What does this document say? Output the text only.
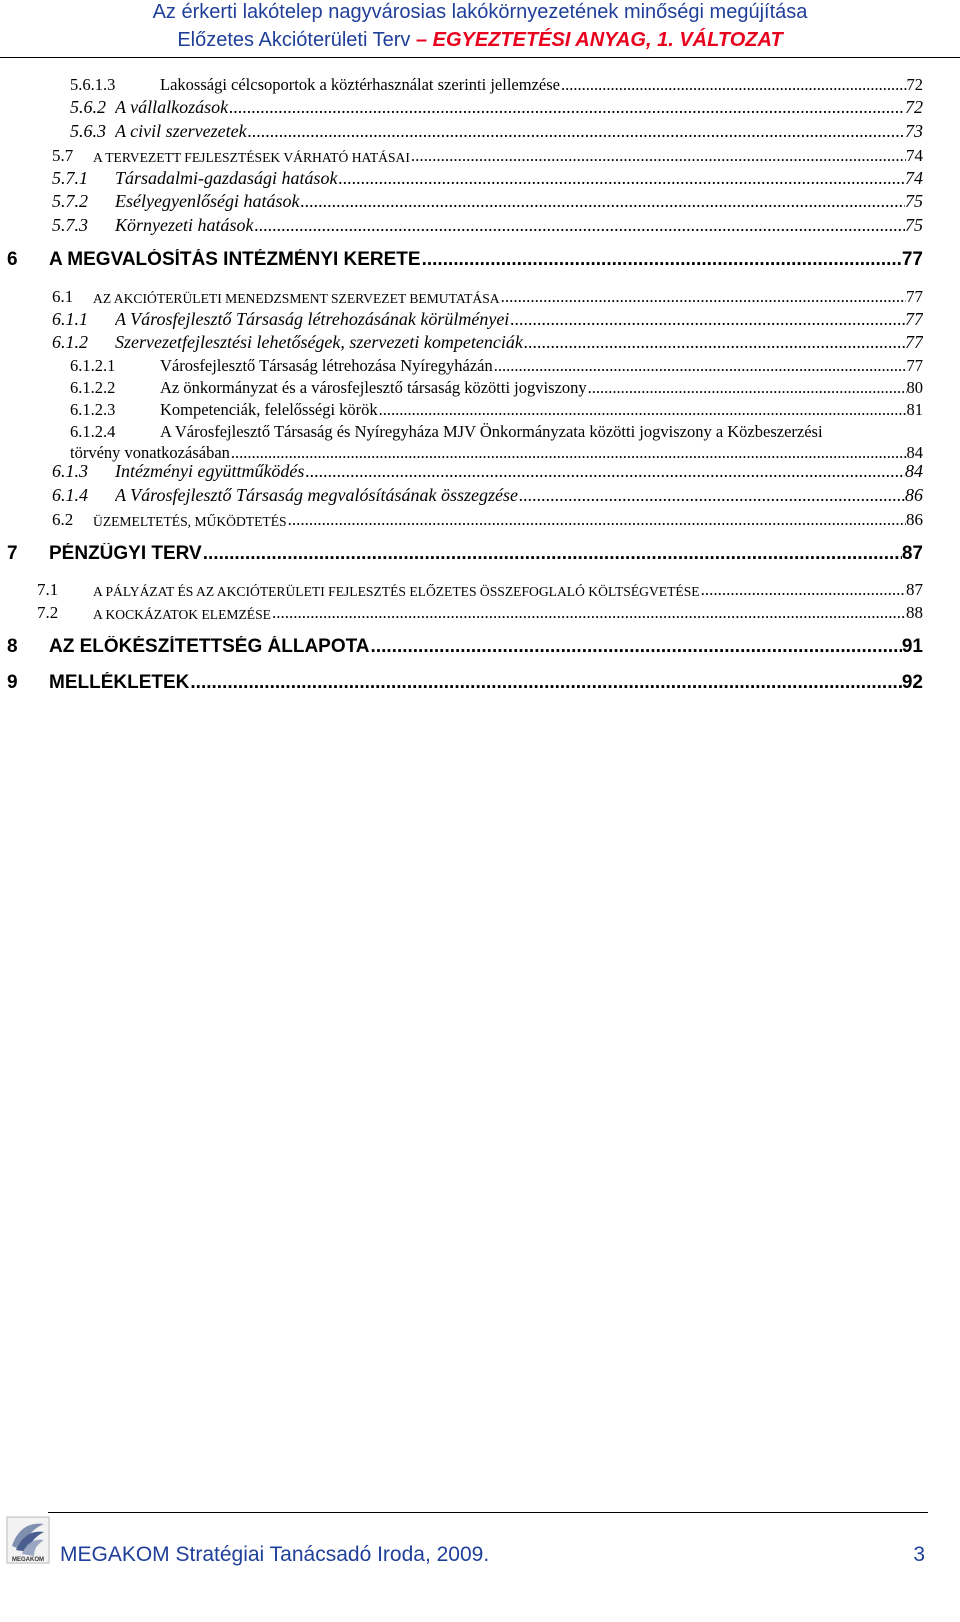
Az érkerti lakótelep nagyvárosias lakókörnyezetének minőségi megújítása
Előzetes Akcióterületi Terv – EGYEZTETÉSI ANYAG, 1. VÁLTOZAT
5.6.1.3	Lakossági célcsoportok a köztérhasználat szerinti jellemzése .....	72
5.6.2 A vállalkozások .....	72
5.6.3 A civil szervezetek .....	73
5.7 A TERVEZETT FEJLESZTÉSEK VÁRHATÓ HATÁSAI .....	74
5.7.1 Társadalmi-gazdasági hatások .....	74
5.7.2 Esélyegyenlőségi hatások .....	75
5.7.3 Környezeti hatások .....	75
6 A MEGVALÓSÍTÁS INTÉZMÉNYI KERETE .....	77
6.1 AZ AKCIÓTERÜLETI MENEDZSMENT SZERVEZET BEMUTATÁSA .....	77
6.1.1 A Városfejlesztő Társaság létrehozásának körülményei .....	77
6.1.2 Szervezetfejlesztési lehetőségek, szervezeti kompetenciák .....	77
6.1.2.1	Városfejlesztő Társaság létrehozása Nyíregyházán .....	77
6.1.2.2	Az önkormányzat és a városfejlesztő társaság közötti jogviszony .....	80
6.1.2.3	Kompetenciák, felelősségi körök .....	81
6.1.2.4	A Városfejlesztő Társaság és Nyíregyháza MJV Önkormányzata közötti jogviszony a Közbeszerzési
törvény vonatkozásában .....	84
6.1.3 Intézményi együttműködés .....	84
6.1.4 A Városfejlesztő Társaság megvalósításának összegzése .....	86
6.2 ÜZEMELTETÉS, MŰKÖDTETÉS .....	86
7 PÉNZÜGYI TERV .....	87
7.1	A PÁLYÁZAT ÉS AZ AKCIÓTERÜLETI FEJLESZTÉS ELŐZETES ÖSSZEFOGLALÓ KÖLTSÉGVETÉSE .....	87
7.2	A KOCKÁZATOK ELEMZÉSE .....	88
8 AZ ELŐKÉSZÍTETTSÉG ÁLLAPOTA .....	91
9 MELLÉKLETEK .....	92
MEGAKOM MEGAKOM Stratégiai Tanácsadó Iroda, 2009.	3
